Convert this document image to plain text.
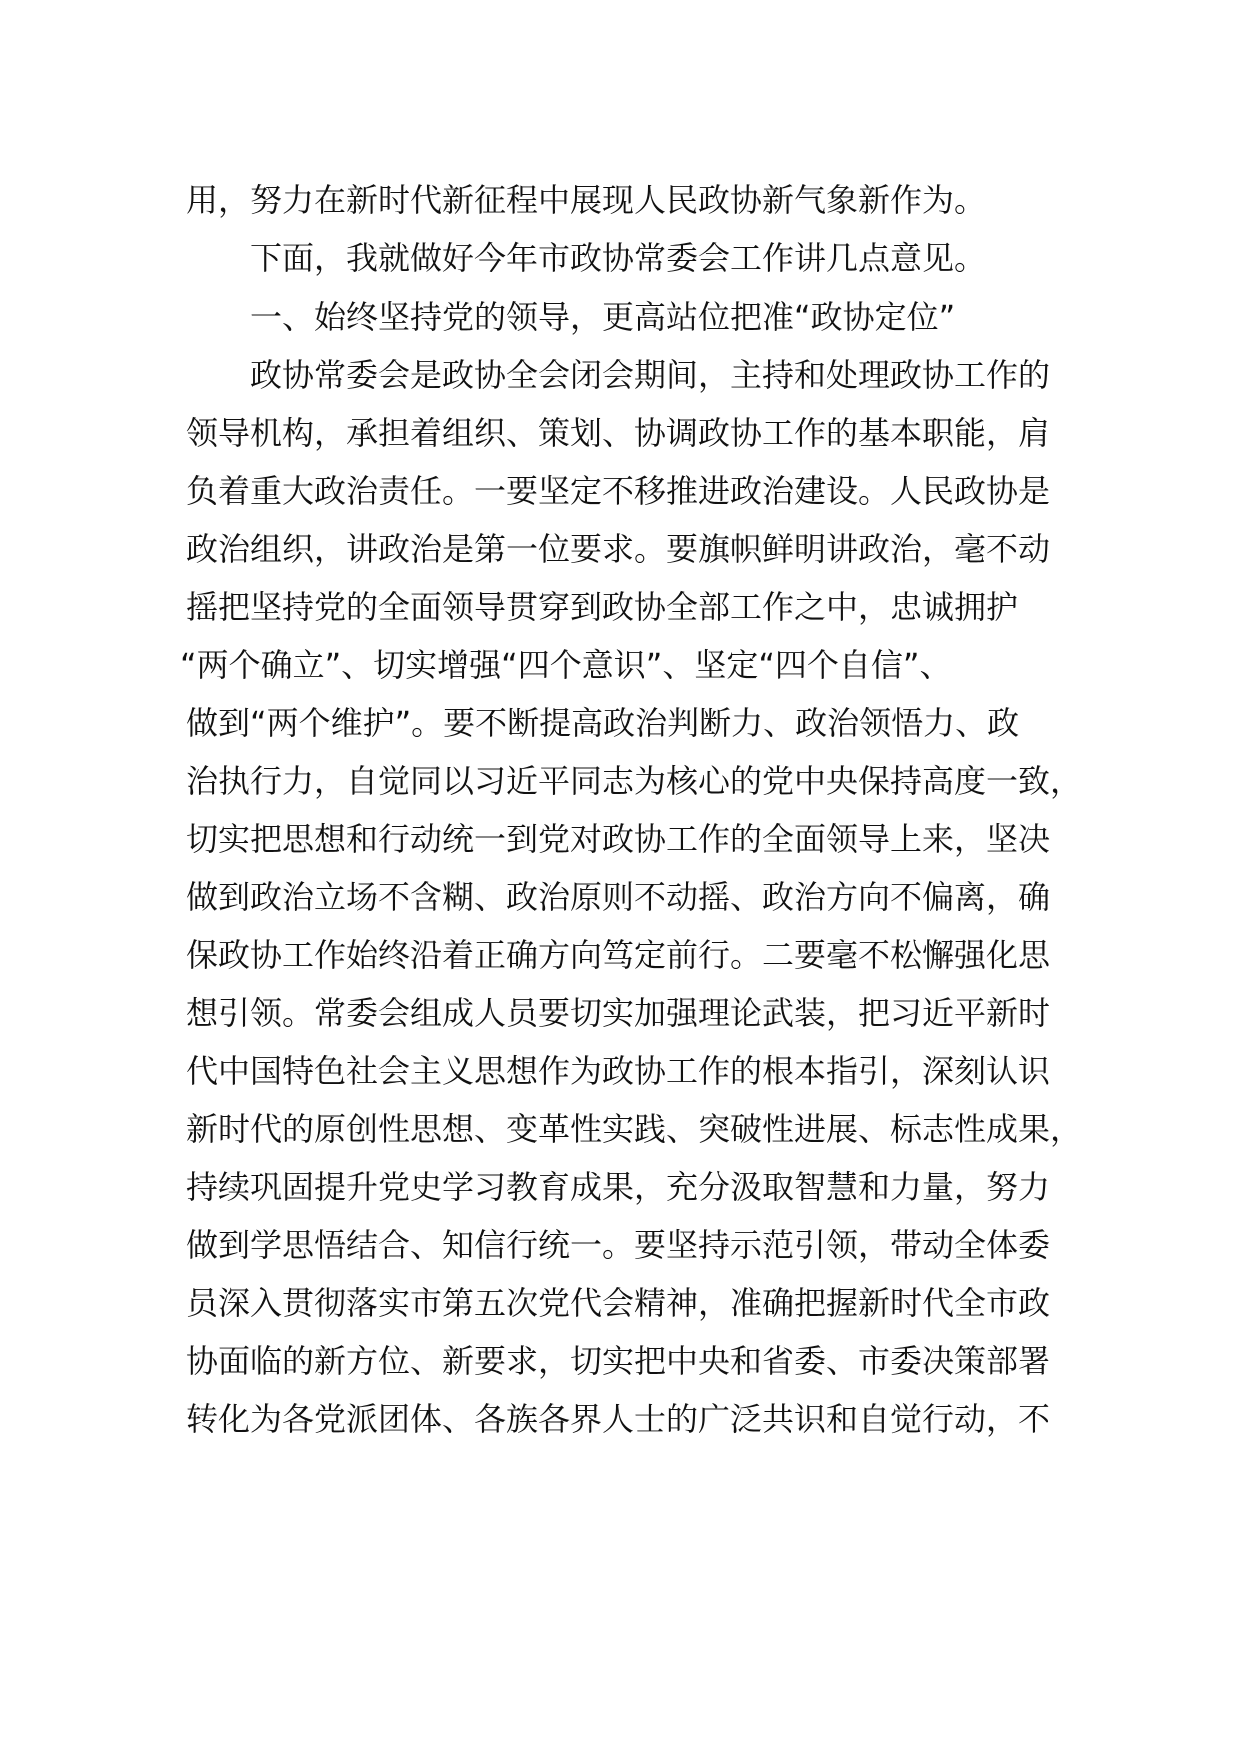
用，努力在新时代新征程中展现人民政协新气象新作为。
下面，我就做好今年市政协常委会工作讲几点意见。
一、始终坚持党的领导，更高站位把准“政协定位”
政协常委会是政协全会闭会期间，主持和处理政协工作的
领导机构，承担着组织、策划、协调政协工作的基本职能，肩
负着重大政治责任。一要坚定不移推进政治建设。人民政协是
政治组织，讲政治是第一位要求。要旗帜鲜明讲政治，毫不动
摇把坚持党的全面领导贯穿到政协全部工作之中，忠诚拥护
“两个确立”、切实增强“四个意识”、坚定“四个自信”、
做到“两个维护”。要不断提高政治判断力、政治领悟力、政
治执行力，自觉同以习近平同志为核心的党中央保持高度一致，
切实把思想和行动统一到党对政协工作的全面领导上来，坚决
做到政治立场不含糊、政治原则不动摇、政治方向不偏离，确
保政协工作始终沿着正确方向笃定前行。二要毫不松懈强化思
想引领。常委会组成人员要切实加强理论武装，把习近平新时
代中国特色社会主义思想作为政协工作的根本指引，深刻认识
新时代的原创性思想、变革性实践、突破性进展、标志性成果，
持续巩固提升党史学习教育成果，充分汲取智慧和力量，努力
做到学思悟结合、知信行统一。要坚持示范引领，带动全体委
员深入贯彻落实市第五次党代会精神，准确把握新时代全市政
协面临的新方位、新要求，切实把中央和省委、市委决策部署
转化为各党派团体、各族各界人士的广泛共识和自觉行动，不
